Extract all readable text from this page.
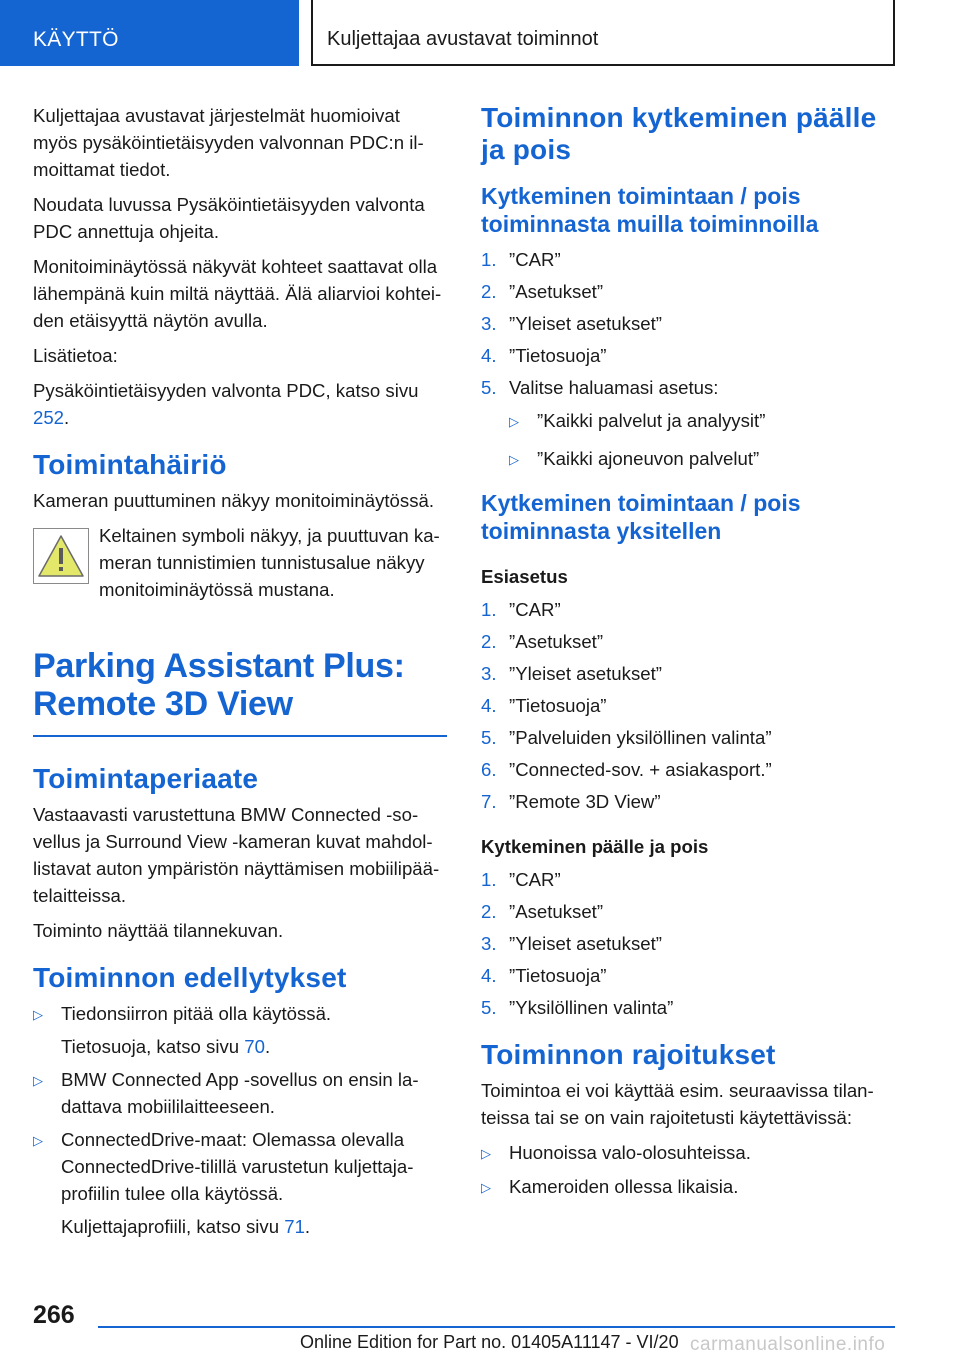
KÄYTTÖ	Kuljettajaa avustavat toiminnot

Kuljettajaa avustavat järjestelmät huomioivat myös pysäköintietäisyyden valvonnan PDC:n il-moittamat tiedot.

Noudata luvussa Pysäköintietäisyyden valvonta PDC annettuja ohjeita.

Monitoiminäytössä näkyvät kohteet saattavat olla lähempänä kuin miltä näyttää. Älä aliarvioi kohtei-den etäisyyttä näytön avulla.

Lisätietoa:

Pysäköintietäisyyden valvonta PDC, katso sivu 252.

Toimintahäiriö

Kameran puuttuminen näkyy monitoiminäytössä.

Keltainen symboli näkyy, ja puuttuvan ka-meran tunnistimien tunnistusalue näkyy monitoiminäytössä mustana.
Parking Assistant Plus:
Remote 3D View
Toimintaperiaate

Vastaavasti varustettuna BMW Connected -so-vellus ja Surround View -kameran kuvat mahdol-listavat auton ympäristön näyttämisen mobiilipää-telaitteissa.

Toiminto näyttää tilannekuvan.

Toiminnon edellytykset
▷ Tiedonsiirron pitää olla käytössä.
Tietosuoja, katso sivu 70.
▷ BMW Connected App -sovellus on ensin la-dattava mobiililaitteeseen.
▷ ConnectedDrive-maat: Olemassa olevalla ConnectedDrive-tilillä varustetun kuljettaja-profiilin tulee olla käytössä.
Kuljettajaprofiili, katso sivu 71.
Toiminnon kytkeminen päälle ja pois
Kytkeminen toimintaan / pois toiminnasta muilla toiminnoilla
1. ”CAR”
2. ”Asetukset”
3. ”Yleiset asetukset”
4. ”Tietosuoja”
5. Valitse haluamasi asetus:
▷ ”Kaikki palvelut ja analyysit”
▷ ”Kaikki ajoneuvon palvelut”
Kytkeminen toimintaan / pois toiminnasta yksitellen
Esiasetus
1. ”CAR”
2. ”Asetukset”
3. ”Yleiset asetukset”
4. ”Tietosuoja”
5. ”Palveluiden yksilöllinen valinta”
6. ”Connected-sov. + asiakasport.”
7. ”Remote 3D View”
Kytkeminen päälle ja pois
1. ”CAR”
2. ”Asetukset”
3. ”Yleiset asetukset”
4. ”Tietosuoja”
5. ”Yksilöllinen valinta”
Toiminnon rajoitukset

Toimintoa ei voi käyttää esim. seuraavissa tilan-teissa tai se on vain rajoitetusti käytettävissä:

▷ Huonoissa valo-olosuhteissa.
▷ Kameroiden ollessa likaisia.
266
Online Edition for Part no. 01405A11147 - VI/20 carmanualsonline.info
